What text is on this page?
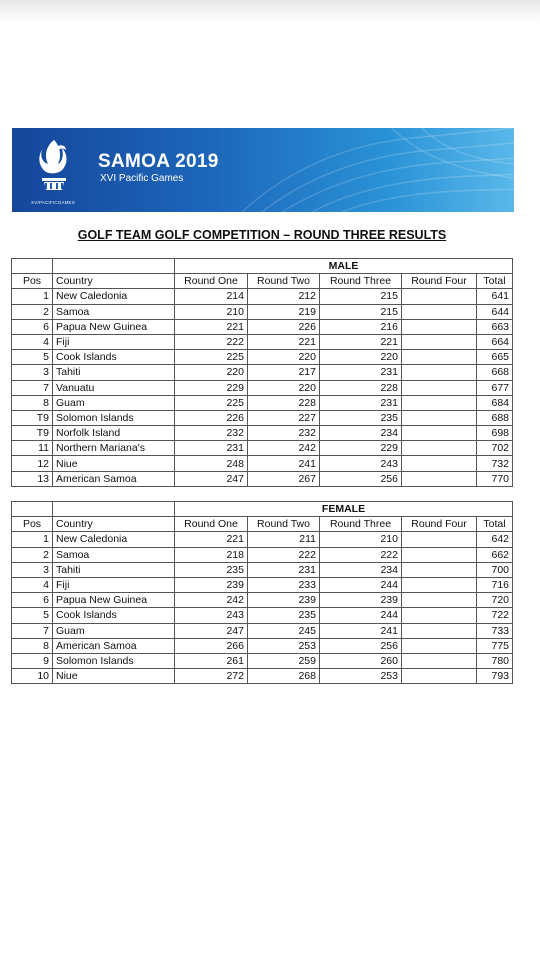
XVIPACIFICGAMES
SAMOA 2019
XVI Pacific Games
GOLF TEAM GOLF COMPETITION – ROUND THREE RESULTS
		MALE				
Pos	Country	Round One	Round Two	Round Three	Round Four	Total
1	New Caledonia	214	212	215		641
2	Samoa	210	219	215		644
6	Papua New Guinea	221	226	216		663
4	Fiji	222	221	221		664
5	Cook Islands	225	220	220		665
3	Tahiti	220	217	231		668
7	Vanuatu	229	220	228		677
8	Guam	225	228	231		684
T9	Solomon Islands	226	227	235		688
T9	Norfolk Island	232	232	234		698
11	Northern Mariana's	231	242	229		702
12	Niue	248	241	243		732
13	American Samoa	247	267	256		770
		FEMALE				
Pos	Country	Round One	Round Two	Round Three	Round Four	Total
1	New Caledonia	221	211	210		642
2	Samoa	218	222	222		662
3	Tahiti	235	231	234		700
4	Fiji	239	233	244		716
6	Papua New Guinea	242	239	239		720
5	Cook Islands	243	235	244		722
7	Guam	247	245	241		733
8	American Samoa	266	253	256		775
9	Solomon Islands	261	259	260		780
10	Niue	272	268	253		793
